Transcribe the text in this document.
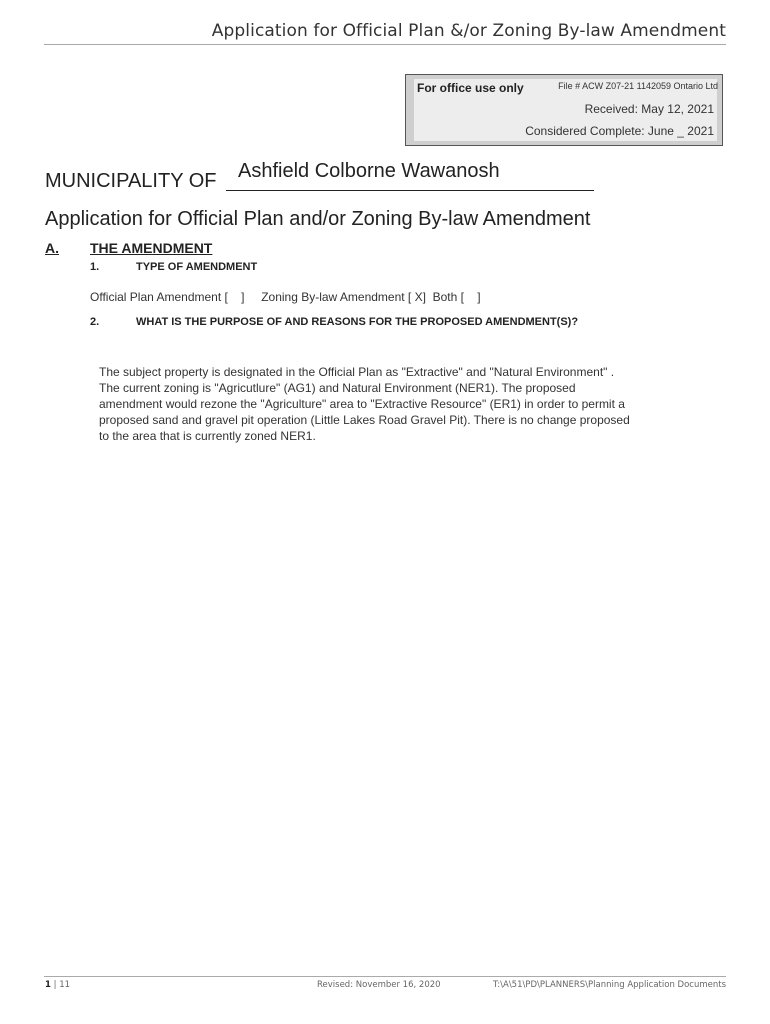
Application for Official Plan &/or Zoning By-law Amendment
For office use only	File # ACW Z07-21 1142059 Ontario Ltd
Received: May 12, 2021
Considered Complete: June _ 2021
MUNICIPALITY OF Ashfield Colborne Wawanosh
Application for Official Plan and/or Zoning By-law Amendment
A. THE AMENDMENT
1.	TYPE OF AMENDMENT
Official Plan Amendment [    ]     Zoning By-law Amendment [ X]  Both [    ]
2.	WHAT IS THE PURPOSE OF AND REASONS FOR THE PROPOSED AMENDMENT(S)?

The subject property is designated in the Official Plan as "Extractive" and "Natural Environment" .

The current zoning is "Agricutlure" (AG1) and Natural Environment (NER1). The proposed

amendment would rezone the "Agriculture" area to "Extractive Resource" (ER1) in order to permit a

proposed sand and gravel pit operation (Little Lakes Road Gravel Pit). There is no change proposed

to the area that is currently zoned NER1.

1 | 11	Revised: November 16, 2020	T:\A\51\PD\PLANNERS\Planning Application Documents
